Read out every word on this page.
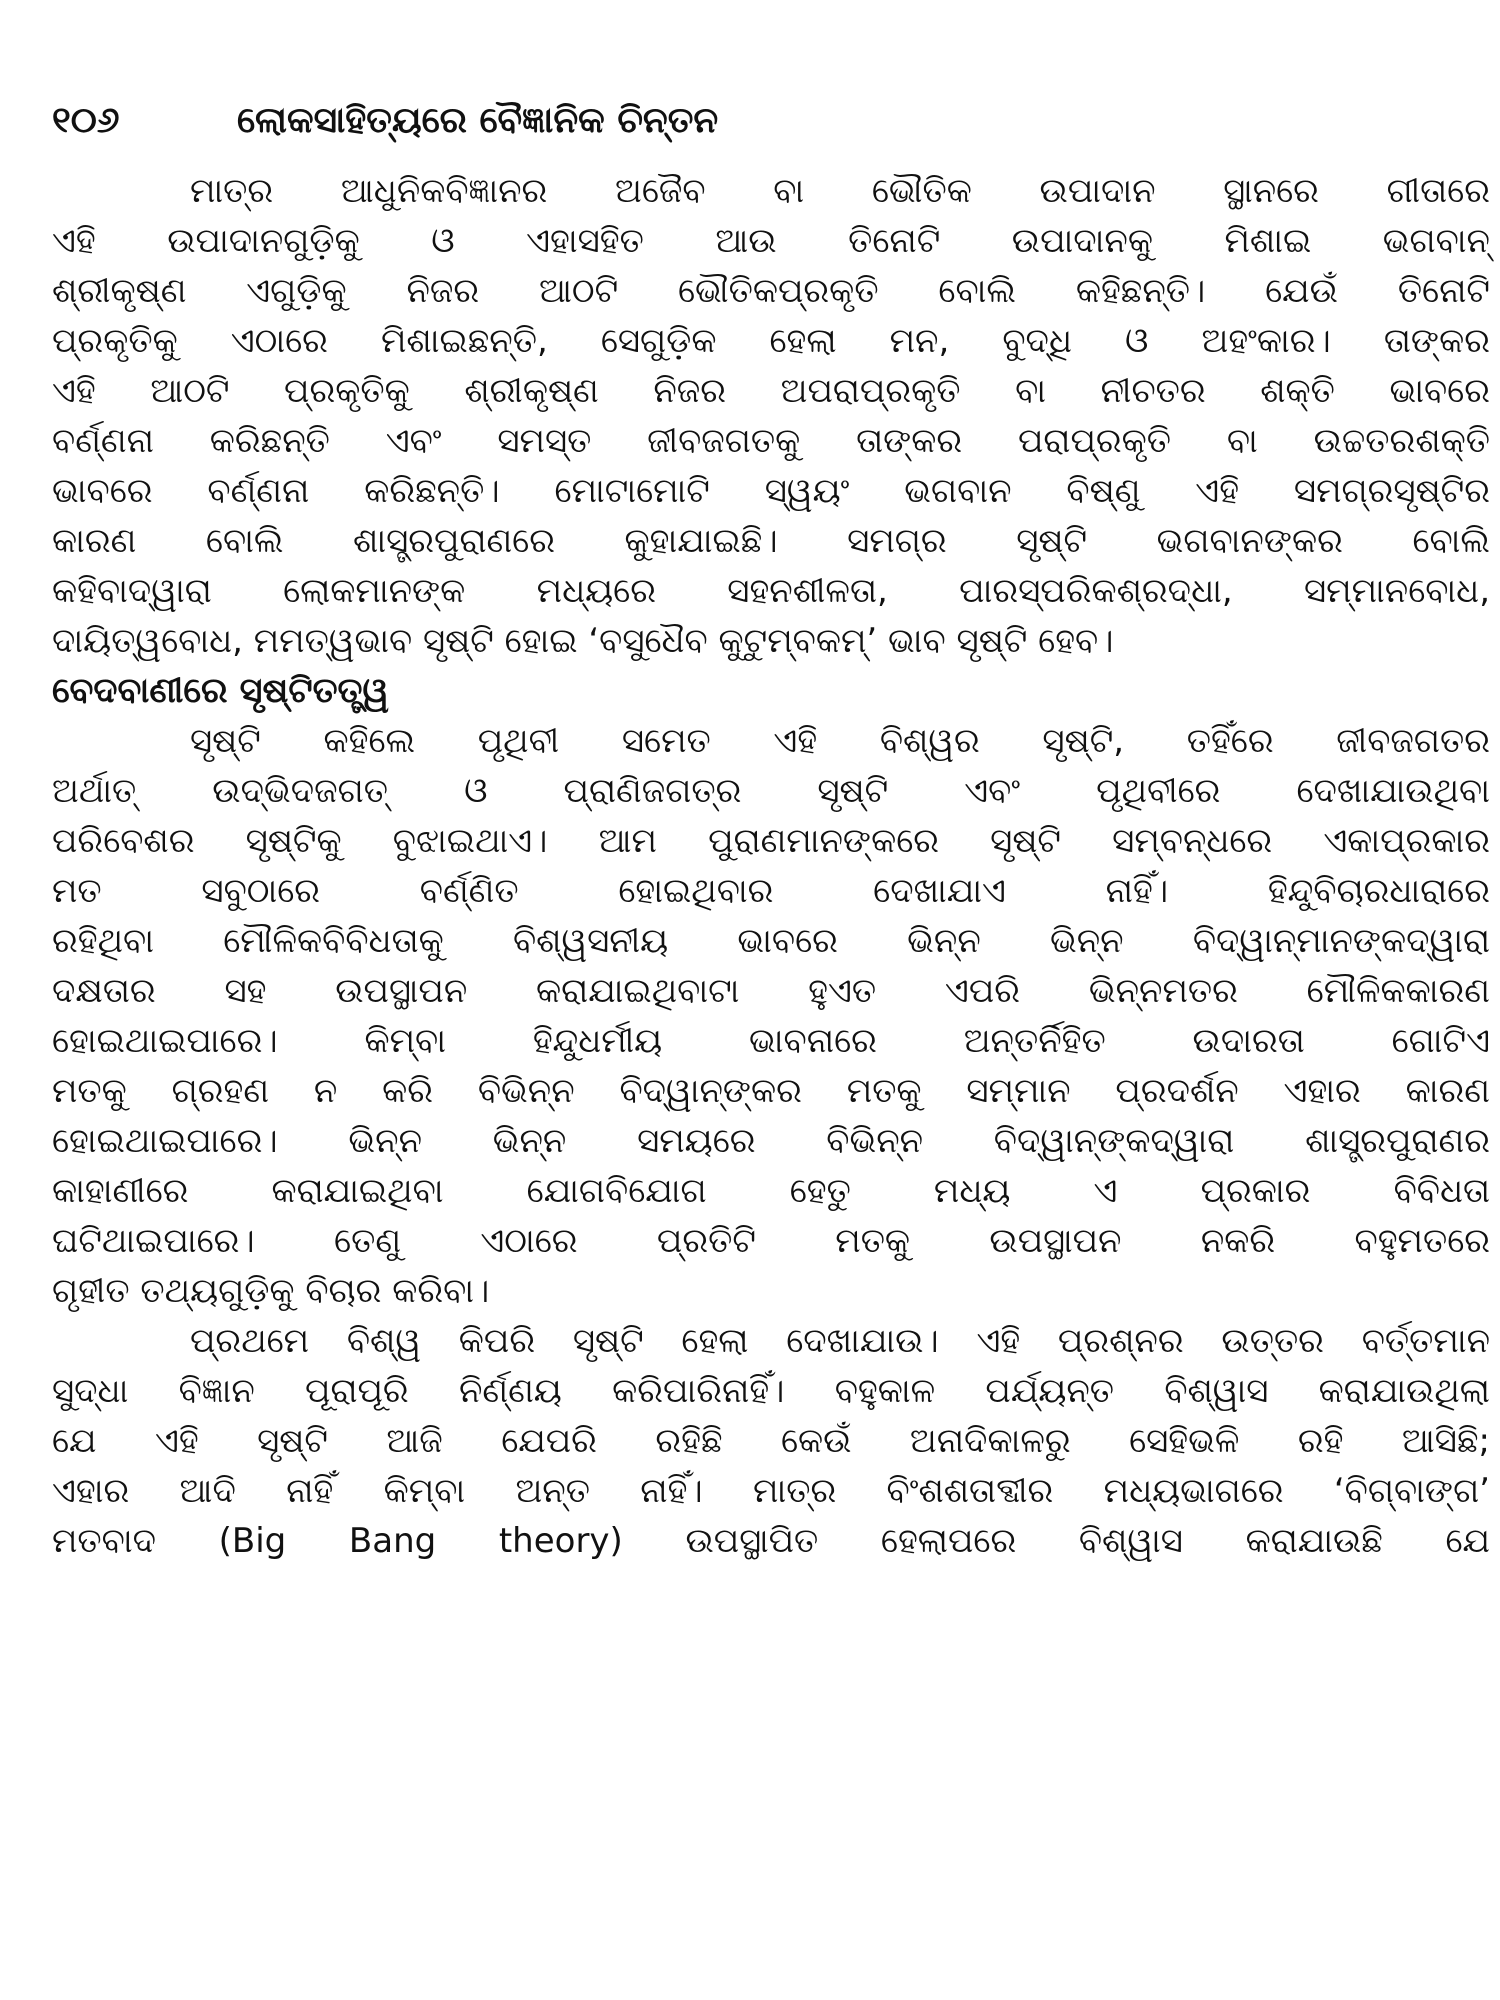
୧୦୬	ଲୋକସାହିତ୍ୟରେ ବୈଜ୍ଞାନିକ ଚିନ୍ତନ
ମାତ୍ର ଆଧୁନିକବିଜ୍ଞାନର ଅଜୈବ ବା ଭୌତିକ ଉପାଦାନ ସ୍ଥାନରେ ଗୀତାରେ
ଏହି ଉପାଦାନଗୁଡ଼ିକୁ ଓ ଏହାସହିତ ଆଉ ତିନୋଟି ଉପାଦାନକୁ ମିଶାଇ ଭଗବାନ୍
ଶ୍ରୀକୃଷ୍ଣ ଏଗୁଡ଼ିକୁ ନିଜର ଆଠଟି ଭୌତିକପ୍ରକୃତି ବୋଲି କହିଛନ୍ତି। ଯେଉଁ ତିନୋଟି
ପ୍ରକୃତିକୁ ଏଠାରେ ମିଶାଇଛନ୍ତି, ସେଗୁଡ଼ିକ ହେଲା ମନ, ବୁଦ୍ଧି ଓ ଅହଂକାର। ତାଙ୍କର
ଏହି ଆଠଟି ପ୍ରକୃତିକୁ ଶ୍ରୀକୃଷ୍ଣ ନିଜର ଅପରାପ୍ରକୃତି ବା ନୀଚତର ଶକ୍ତି ଭାବରେ
ବର୍ଣ୍ଣନା କରିଛନ୍ତି ଏବଂ ସମସ୍ତ ଜୀବଜଗତକୁ ତାଙ୍କର ପରାପ୍ରକୃତି ବା ଉଚ୍ଚତରଶକ୍ତି
ଭାବରେ ବର୍ଣ୍ଣନା କରିଛନ୍ତି। ମୋଟାମୋଟି ସ୍ୱୟଂ ଭଗବାନ ବିଷ୍ଣୁ ଏହି ସମଗ୍ରସୃଷ୍ଟିର
କାରଣ ବୋଲି ଶାସ୍ତ୍ରପୁରାଣରେ କୁହାଯାଇଛି। ସମଗ୍ର ସୃଷ୍ଟି ଭଗବାନଙ୍କର ବୋଲି
କହିବାଦ୍ୱାରା ଲୋକମାନଙ୍କ ମଧ୍ୟରେ ସହନଶୀଳତା, ପାରସ୍ପରିକଶ୍ରଦ୍ଧା, ସମ୍ମାନବୋଧ,
ଦାୟିତ୍ୱବୋଧ, ମମତ୍ୱଭାବ ସୃଷ୍ଟି ହୋଇ ‘ବସୁଧୈବ କୁଟୁମ୍ବକମ୍’ ଭାବ ସୃଷ୍ଟି ହେବ।
ବେଦବାଣୀରେ ସୃଷ୍ଟିତତ୍ତ୍ୱ
ସୃଷ୍ଟି କହିଲେ ପୃଥିବୀ ସମେତ ଏହି ବିଶ୍ୱର ସୃଷ୍ଟି, ତହିଁରେ ଜୀବଜଗତର
ଅର୍ଥାତ୍ ଉଦ୍ଭିଦଜଗତ୍ ଓ ପ୍ରାଣିଜଗତ୍‌ର ସୃଷ୍ଟି ଏବଂ ପୃଥିବୀରେ ଦେଖାଯାଉଥିବା
ପରିବେଶର ସୃଷ୍ଟିକୁ ବୁଝାଇଥାଏ। ଆମ ପୁରାଣମାନଙ୍କରେ ସୃଷ୍ଟି ସମ୍ବନ୍ଧରେ ଏକାପ୍ରକାର
ମତ ସବୁଠାରେ ବର୍ଣ୍ଣିତ ହୋଇଥିବାର ଦେଖାଯାଏ ନାହିଁ। ହିନ୍ଦୁବିଚାରଧାରାରେ
ରହିଥିବା ମୌଳିକବିବିଧତାକୁ ବିଶ୍ୱସନୀୟ ଭାବରେ ଭିନ୍ନ ଭିନ୍ନ ବିଦ୍ୱାନ୍‌ମାନଙ୍କଦ୍ୱାରା
ଦକ୍ଷତାର ସହ ଉପସ୍ଥାପନ କରାଯାଇଥିବାଟା ହୁଏତ ଏପରି ଭିନ୍ନମତର ମୌଳିକକାରଣ
ହୋଇଥାଇପାରେ। କିମ୍ବା ହିନ୍ଦୁଧର୍ମୀୟ ଭାବନାରେ ଅନ୍ତର୍ନିହିତ ଉଦାରତା ଗୋଟିଏ
ମତକୁ ଗ୍ରହଣ ନ କରି ବିଭିନ୍ନ ବିଦ୍ୱାନ୍‌ଙ୍କର ମତକୁ ସମ୍ମାନ ପ୍ରଦର୍ଶନ ଏହାର କାରଣ
ହୋଇଥାଇପାରେ। ଭିନ୍ନ ଭିନ୍ନ ସମୟରେ ବିଭିନ୍ନ ବିଦ୍ୱାନ୍‌ଙ୍କଦ୍ୱାରା ଶାସ୍ତ୍ରପୁରାଣର
କାହାଣୀରେ କରାଯାଇଥିବା ଯୋଗବିଯୋଗ ହେତୁ ମଧ୍ୟ ଏ ପ୍ରକାର ବିବିଧତା
ଘଟିଥାଇପାରେ। ତେଣୁ ଏଠାରେ ପ୍ରତିଟି ମତକୁ ଉପସ୍ଥାପନ ନକରି ବହୁମତରେ
ଗୃହୀତ ତଥ୍ୟଗୁଡ଼ିକୁ ବିଚାର କରିବା।
ପ୍ରଥମେ ବିଶ୍ୱ କିପରି ସୃଷ୍ଟି ହେଲା ଦେଖାଯାଉ। ଏହି ପ୍ରଶ୍ନର ଉତ୍ତର ବର୍ତ୍ତମାନ
ସୁଦ୍ଧା ବିଜ୍ଞାନ ପୂରାପୂରି ନିର୍ଣ୍ଣୟ କରିପାରିନାହିଁ। ବହୁକାଳ ପର୍ଯ୍ୟନ୍ତ ବିଶ୍ୱାସ କରାଯାଉଥିଲା
ଯେ ଏହି ସୃଷ୍ଟି ଆଜି ଯେପରି ରହିଛି କେଉଁ ଅନାଦିକାଳରୁ ସେହିଭଳି ରହି ଆସିଛି;
ଏହାର ଆଦି ନାହିଁ କିମ୍ବା ଅନ୍ତ ନାହିଁ। ମାତ୍ର ବିଂଶଶତାବ୍ଦୀର ମଧ୍ୟଭାଗରେ ‘ବିଗ୍‌ବାଙ୍ଗ’
ମତବାଦ (Big Bang theory) ଉପସ୍ଥାପିତ ହେଲାପରେ ବିଶ୍ୱାସ କରାଯାଉଛି ଯେ
